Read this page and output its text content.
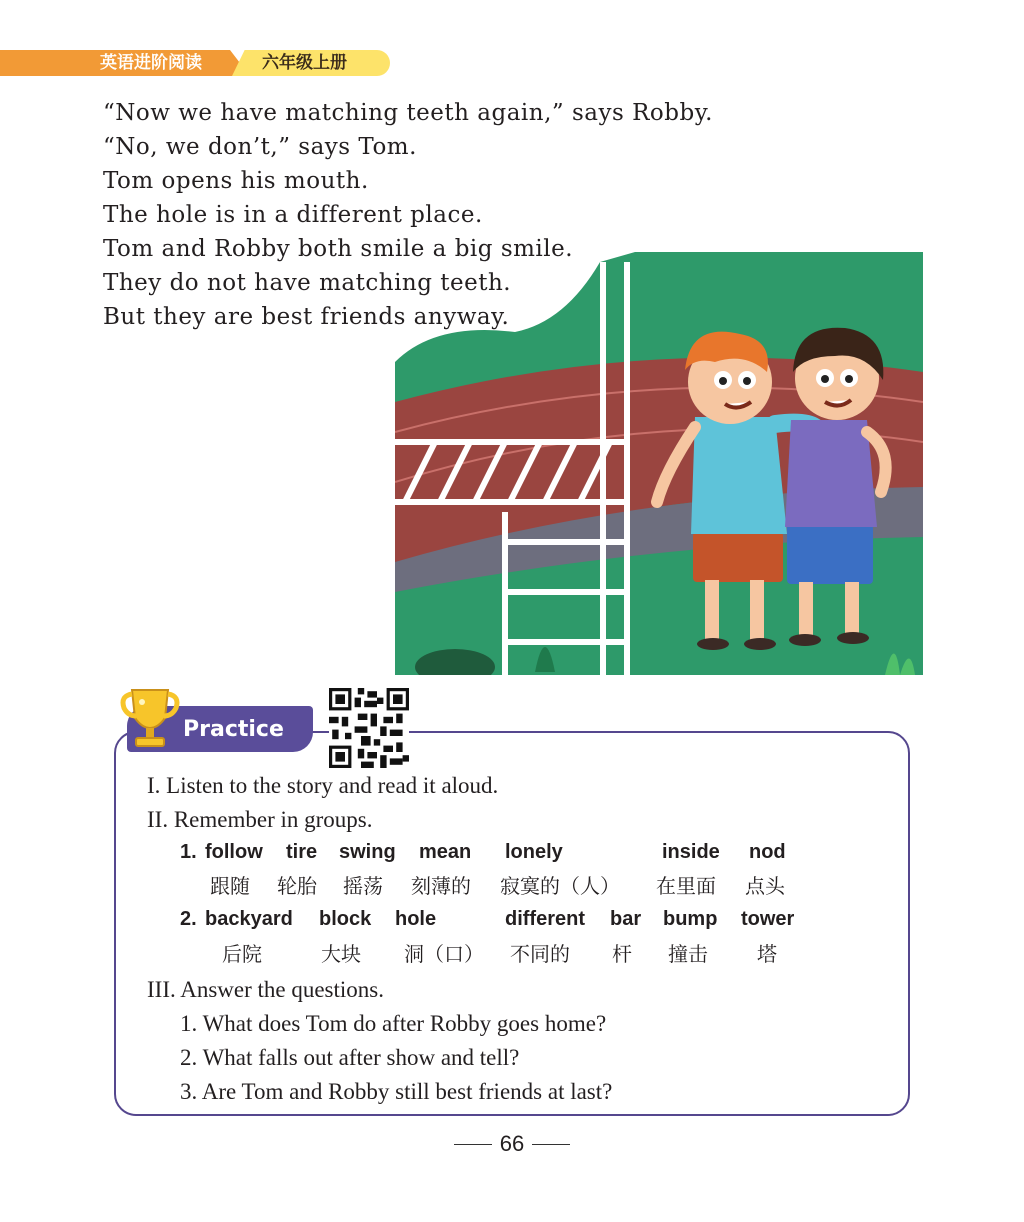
英语进阶阅读	六年级上册
“Now we have matching teeth again,” says Robby.
“No, we don’t,” says Tom.
Tom opens his mouth.
The hole is in a different place.
Tom and Robby both smile a big smile.
They do not have matching teeth.
But they are best friends anyway.
Practice
I. Listen to the story and read it aloud.
II. Remember in groups.
1. follow tire swing mean lonely	inside nod
跟随 轮胎 摇荡 刻薄的 寂寞的（人） 在里面 点头
2. backyard block hole	different bar bump tower
后院	大块 洞（口） 不同的 杆 撞击 塔
III. Answer the questions.
1. What does Tom do after Robby goes home?
2. What falls out after show and tell?
3. Are Tom and Robby still best friends at last?
66
